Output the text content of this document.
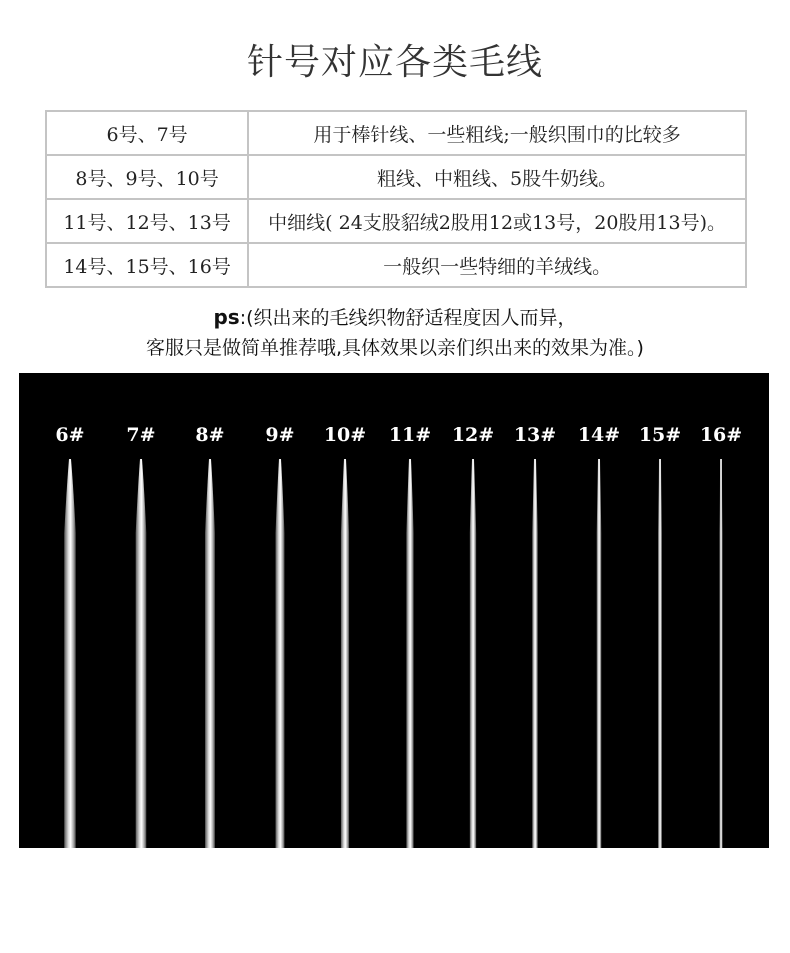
针号对应各类毛线
6号、7号	用于棒针线、一些粗线;一般织围巾的比较多
8号、9号、10号	粗线、中粗线、5股牛奶线。
11号、12号、13号	中细线( 24支股貂绒2股用12或13号，20股用13号)。
14号、15号、16号	一般织一些特细的羊绒线。
ps:(织出来的毛线织物舒适程度因人而异，
客服只是做简单推荐哦,具体效果以亲们织出来的效果为准。)
6# 7# 8# 9# 10# 11# 12# 13# 14# 15# 16#
